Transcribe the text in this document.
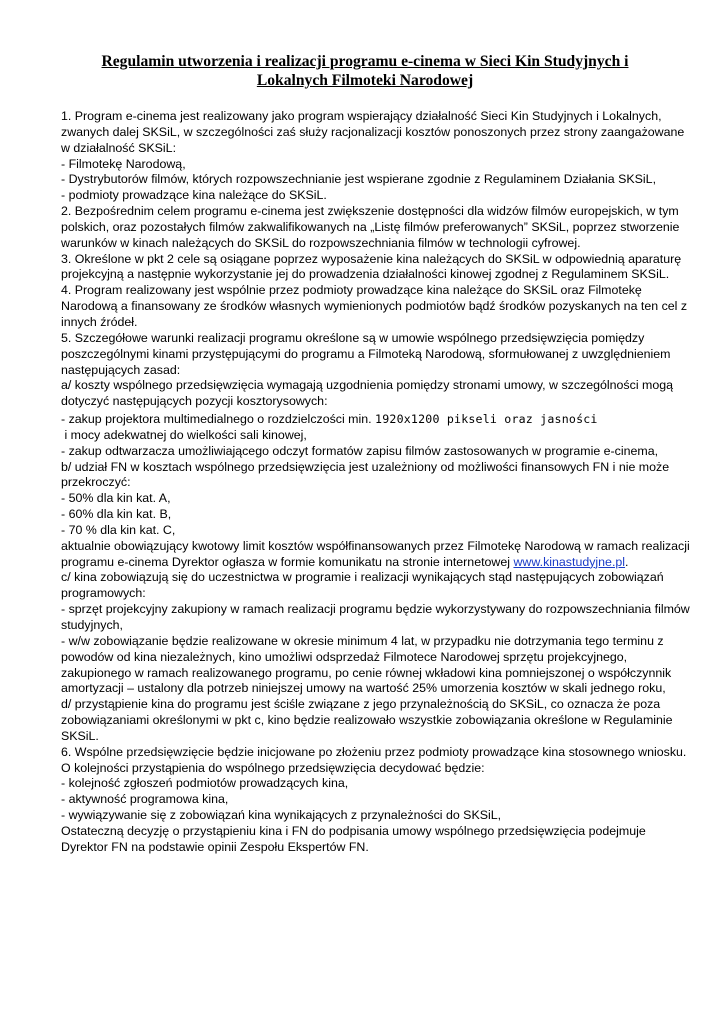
Regulamin utworzenia i realizacji programu e-cinema w Sieci Kin Studyjnych i
Lokalnych Filmoteki Narodowej
1. Program e-cinema jest realizowany jako program wspierający działalność Sieci Kin Studyjnych i Lokalnych,
zwanych dalej SKSiL, w szczególności zaś służy racjonalizacji kosztów ponoszonych przez strony zaangażowane
w działalność SKSiL:
- Filmotekę Narodową,
- Dystrybutorów filmów, których rozpowszechnianie jest wspierane zgodnie z Regulaminem Działania SKSiL,
- podmioty prowadzące kina należące do SKSiL.
2. Bezpośrednim celem programu e-cinema jest zwiększenie dostępności dla widzów filmów europejskich, w tym
polskich, oraz pozostałych filmów zakwalifikowanych na „Listę filmów preferowanych” SKSiL, poprzez stworzenie
warunków w kinach należących do SKSiL do rozpowszechniania filmów w technologii cyfrowej.
3. Określone w pkt 2 cele są osiągane poprzez wyposażenie kina należących do SKSiL w odpowiednią aparaturę
projekcyjną a następnie wykorzystanie jej do prowadzenia działalności kinowej zgodnej z Regulaminem SKSiL.
4. Program realizowany jest wspólnie przez podmioty prowadzące kina należące do SKSiL oraz Filmotekę
Narodową a finansowany ze środków własnych wymienionych podmiotów bądź środków pozyskanych na ten cel z
innych źródeł.
5. Szczegółowe warunki realizacji programu określone są w umowie wspólnego przedsięwzięcia pomiędzy
poszczególnymi kinami przystępującymi do programu a Filmoteką Narodową, sformułowanej z uwzględnieniem
następujących zasad:
a/ koszty wspólnego przedsięwzięcia wymagają uzgodnienia pomiędzy stronami umowy, w szczególności mogą
dotyczyć następujących pozycji kosztorysowych:
- zakup projektora multimedialnego o rozdzielczości min. 1920x1200 pikseli oraz jasności
i mocy adekwatnej do wielkości sali kinowej,
- zakup odtwarzacza umożliwiającego odczyt formatów zapisu filmów zastosowanych w programie e-cinema,
b/ udział FN w kosztach wspólnego przedsięwzięcia jest uzależniony od możliwości finansowych FN i nie może
przekroczyć:
- 50% dla kin kat. A,
- 60% dla kin kat. B,
- 70 % dla kin kat. C,
aktualnie obowiązujący kwotowy limit kosztów współfinansowanych przez Filmotekę Narodową w ramach realizacji
programu e-cinema Dyrektor ogłasza w formie komunikatu na stronie internetowej www.kinastudyjne.pl.
c/ kina zobowiązują się do uczestnictwa w programie i realizacji wynikających stąd następujących zobowiązań
programowych:
- sprzęt projekcyjny zakupiony w ramach realizacji programu będzie wykorzystywany do rozpowszechniania filmów
studyjnych,
- w/w zobowiązanie będzie realizowane w okresie minimum 4 lat, w przypadku nie dotrzymania tego terminu z
powodów od kina niezależnych, kino umożliwi odsprzedaż Filmotece Narodowej sprzętu projekcyjnego,
zakupionego w ramach realizowanego programu, po cenie równej wkładowi kina pomniejszonej o współczynnik
amortyzacji – ustalony dla potrzeb niniejszej umowy na wartość 25% umorzenia kosztów w skali jednego roku,
d/ przystąpienie kina do programu jest ściśle związane z jego przynależnością do SKSiL, co oznacza że poza
zobowiązaniami określonymi w pkt c, kino będzie realizowało wszystkie zobowiązania określone w Regulaminie
SKSiL.
6. Wspólne przedsięwzięcie będzie inicjowane po złożeniu przez podmioty prowadzące kina stosownego wniosku.
O kolejności przystąpienia do wspólnego przedsięwzięcia decydować będzie:
- kolejność zgłoszeń podmiotów prowadzących kina,
- aktywność programowa kina,
- wywiązywanie się z zobowiązań kina wynikających z przynależności do SKSiL,
Ostateczną decyzję o przystąpieniu kina i FN do podpisania umowy wspólnego przedsięwzięcia podejmuje
Dyrektor FN na podstawie opinii Zespołu Ekspertów FN.
